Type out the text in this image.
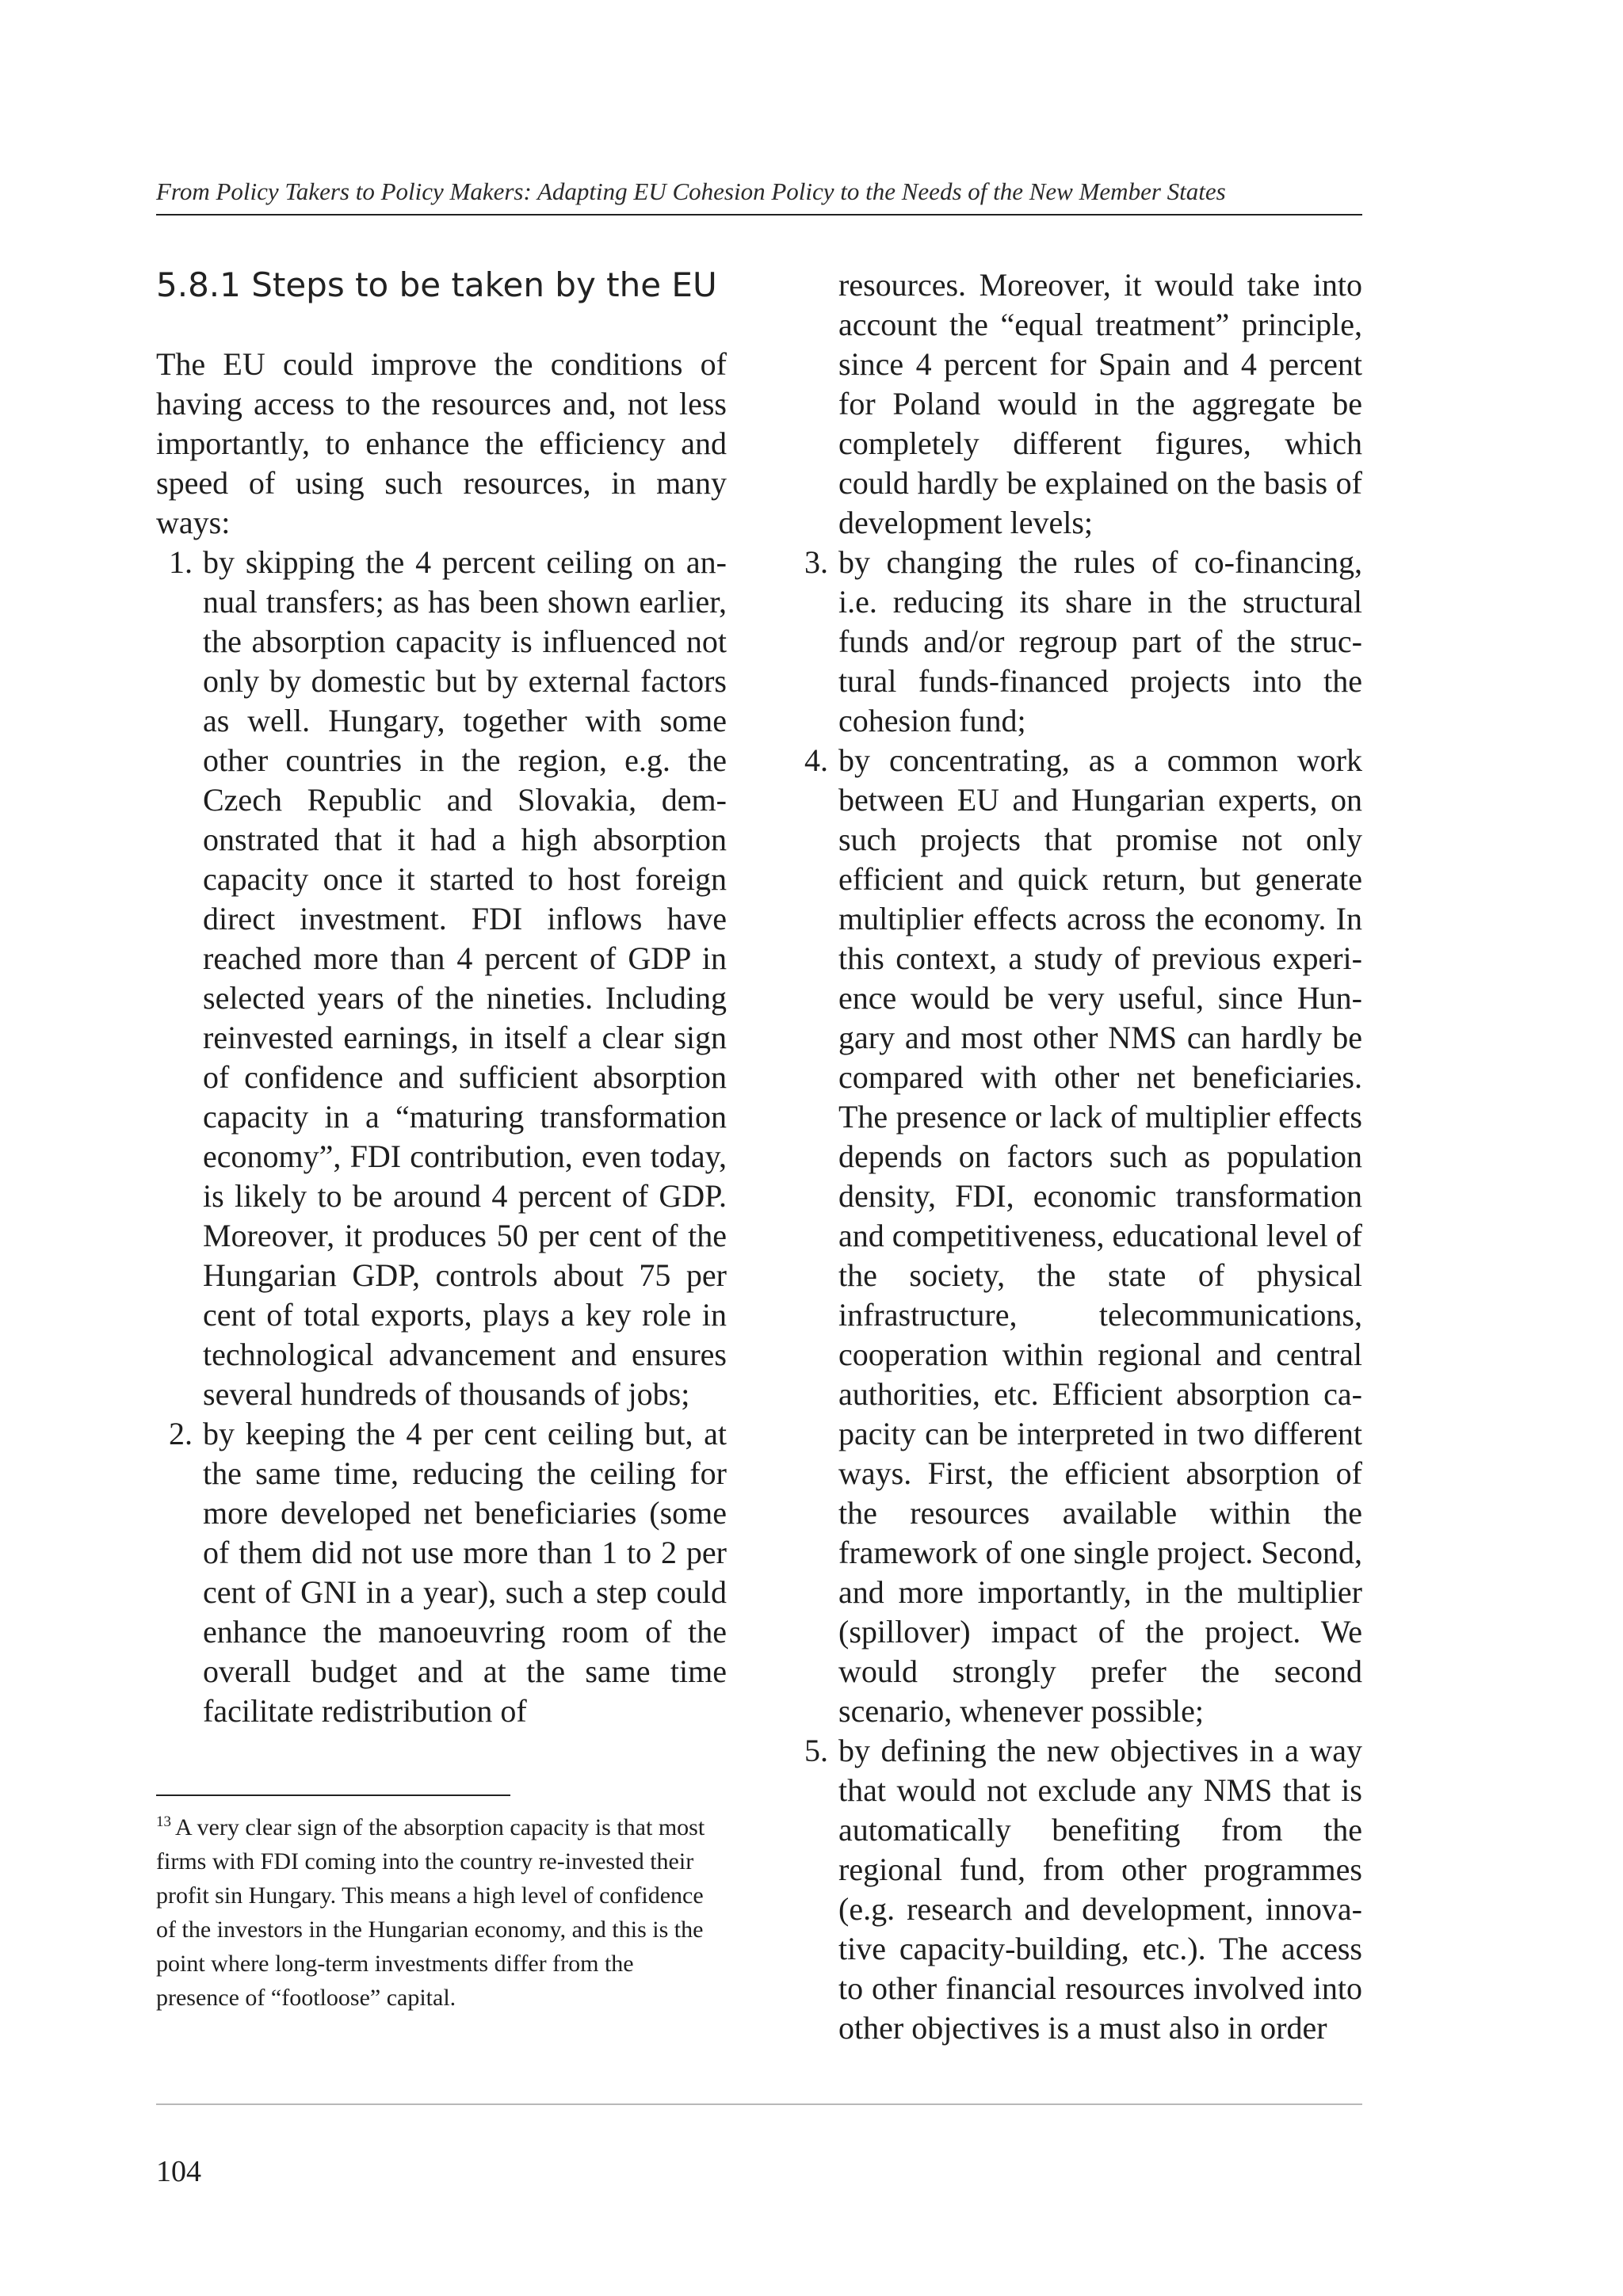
From Policy Takers to Policy Makers: Adapting EU Cohesion Policy to the Needs of the New Member States
5.8.1 Steps to be taken by the EU

The EU could improve the conditions of having access to the resources and, not less importantly, to enhance the efficiency and speed of using such resources, in many ways:

1. by skipping the 4 percent ceiling on annual transfers; as has been shown earlier, the absorption capacity is influenced not only by domestic but by external factors as well. Hungary, together with some other countries in the region, e.g. the Czech Republic and Slovakia, demonstrated that it had a high absorption capacity once it started to host foreign direct investment. FDI inflows have reached more than 4 percent of GDP in selected years of the nineties. Including reinvested earnings, in itself a clear sign of confidence and sufficient absorption capacity in a “maturing transformation economy”, FDI contribution, even today, is likely to be around 4 percent of GDP. Moreover, it produces 50 per cent of the Hungarian GDP, controls about 75 per cent of total exports, plays a key role in technological advancement and ensures several hundreds of thousands of jobs;
2. by keeping the 4 per cent ceiling but, at the same time, reducing the ceiling for more developed net beneficiaries (some of them did not use more than 1 to 2 per cent of GNI in a year), such a step could enhance the manoeuvring room of the overall budget and at the same time facilitate redistribution of
$^{13}$ A very clear sign of the absorption capacity is that most firms with FDI coming into the country re-invested their profit sin Hungary. This means a high level of confidence of the investors in the Hungarian economy, and this is the point where long-term investments differ from the presence of “footloose” capital.
resources. Moreover, it would take into account the “equal treatment” principle, since 4 percent for Spain and 4 percent for Poland would in the aggregate be completely different figures, which could hardly be explained on the basis of development levels;
3. by changing the rules of co-financing, i.e. reducing its share in the structural funds and/or regroup part of the structural funds-financed projects into the cohesion fund;
4. by concentrating, as a common work between EU and Hungarian experts, on such projects that promise not only efficient and quick return, but generate multiplier effects across the economy. In this context, a study of previous experience would be very useful, since Hungary and most other NMS can hardly be compared with other net beneficiaries. The presence or lack of multiplier effects depends on factors such as population density, FDI, economic transformation and competitiveness, educational level of the society, the state of physical infrastructure, telecommunications, cooperation within regional and central authorities, etc. Efficient absorption capacity can be interpreted in two different ways. First, the efficient absorption of the resources available within the framework of one single project. Second, and more importantly, in the multiplier (spillover) impact of the project. We would strongly prefer the second scenario, whenever possible;
5. by defining the new objectives in a way that would not exclude any NMS that is automatically benefiting from the regional fund, from other programmes (e.g. research and development, innovative capacity-building, etc.). The access to other financial resources involved into other objectives is a must also in order
104
